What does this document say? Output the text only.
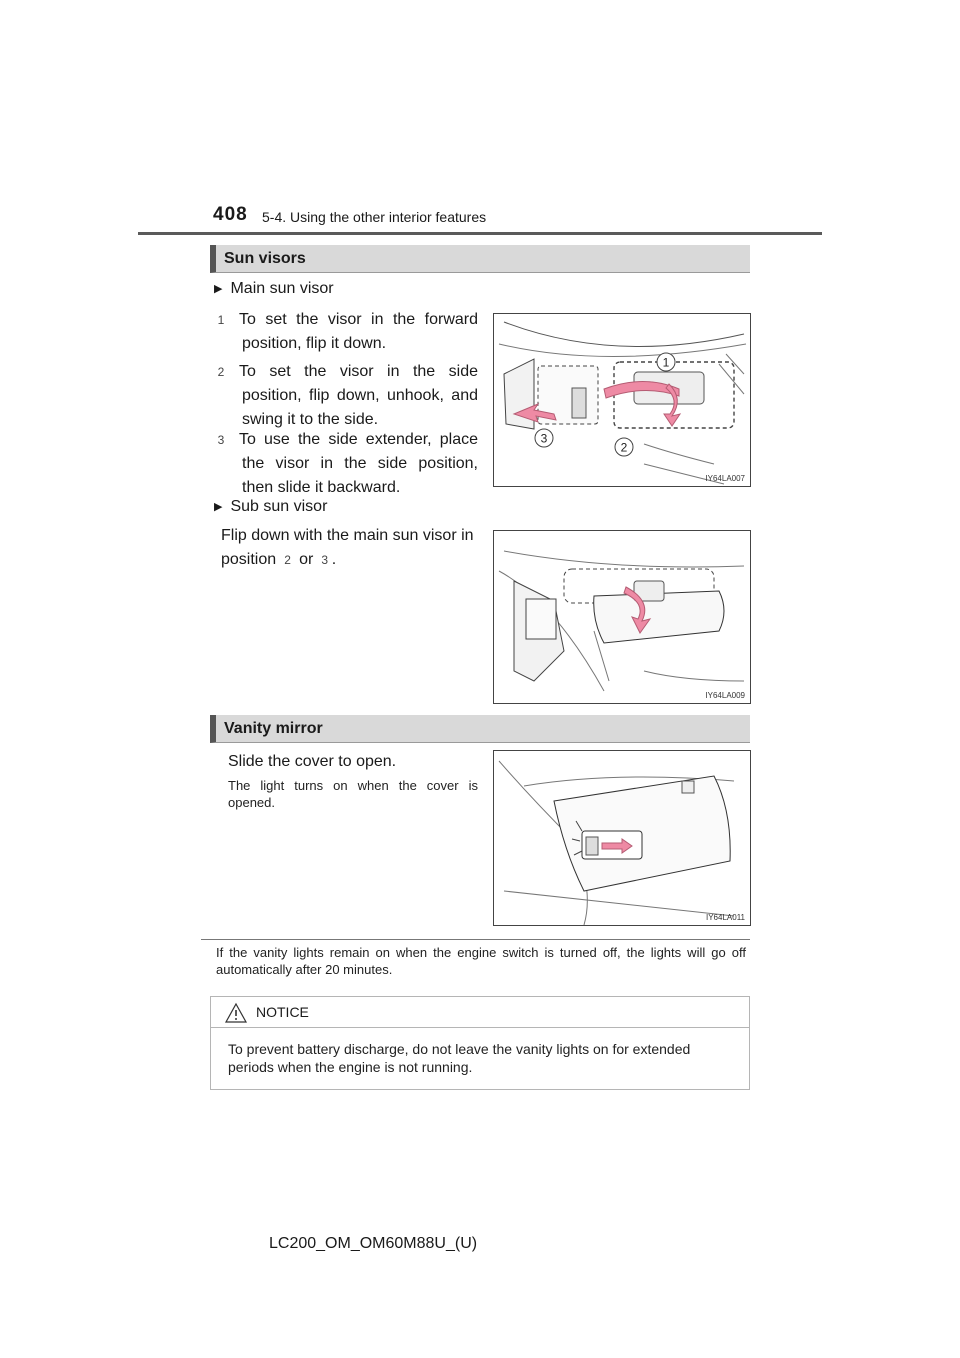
408 5-4. Using the other interior features
Sun visors
▶ Main sun visor
1 To set the visor in the forward position, flip it down.
2 To set the visor in the side position, flip down, unhook, and swing it to the side.
3 To use the side extender, place the visor in the side position, then slide it backward.
1
2
3
IY64LA007
▶ Sub sun visor
Flip down with the main sun visor in position 2 or 3 .
IY64LA009
Vanity mirror
Slide the cover to open.
The light turns on when the cover is opened.
IY64LA011
If the vanity lights remain on when the engine switch is turned off, the lights will go off automatically after 20 minutes.
NOTICE
To prevent battery discharge, do not leave the vanity lights on for extended periods when the engine is not running.
LC200_OM_OM60M88U_(U)
